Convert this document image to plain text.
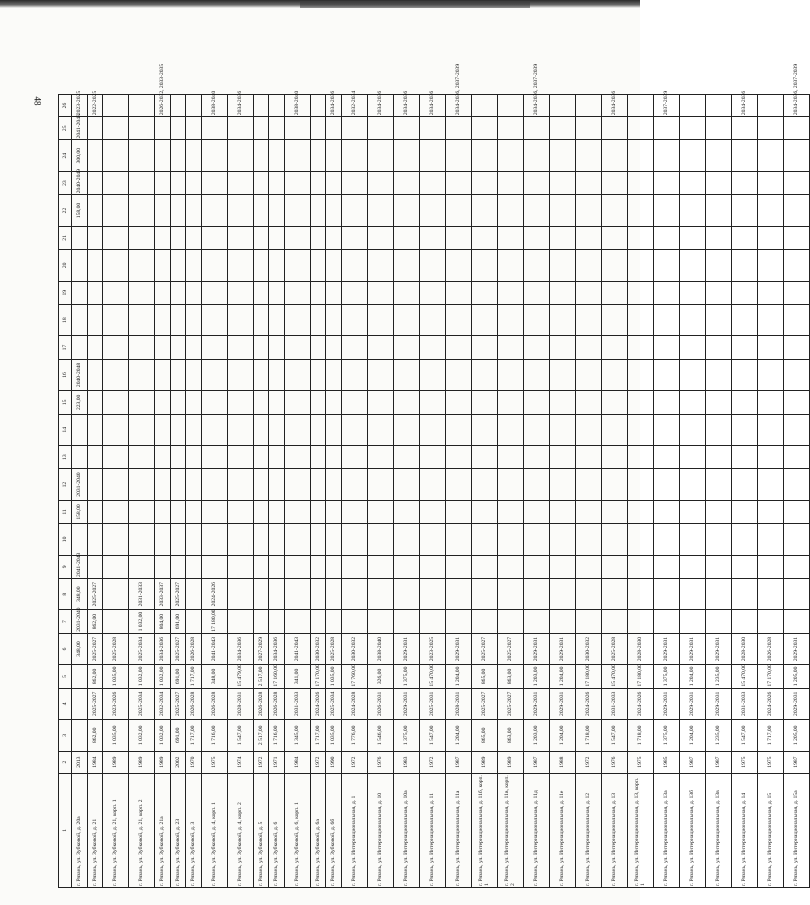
48
1	2	3	4	5	6	7	8	9	10	11	12	13	14	15	16	17	18	19	20	21	22	23	24	25	26
г. Рязань, ул. Зубковой, д. 20а	2013				348,00	2031-2040	348,00	2041-2043		158,00	2031-2040			223,00	2040-2048						158,00	2040-2049	300,00	2041-2043	2023-2025
г. Рязань, ул. Зубковой, д. 21	1984	862,00	2025-2027	862,00	2025-2027	862,00	2025-2027																		2022-2025
г. Рязань, ул. Зубковой, д. 21, корп. 1	1989	1 035,00	2023-2026	1 035,00	2025-2028																				
г. Рязань, ул. Зубковой, д. 21, корп. 2	1989	1 032,00	2025-2034	1 032,00	2025-2034	1 032,00	2031-2033																		
г. Рязань, ул. Зубковой, д. 21а	1989	1 032,00	2032-2034	1 032,00	2034-2036	804,00	2033-2037																		2026-2032, 2033-2035
г. Рязань, ул. Зубковой, д. 23	2002	691,00	2025-2027	691,00	2025-2027	691,00	2025-2027																		
г. Рязань, ул. Зубковой, д. 3	1970	1 717,00	2026-2028	1 717,00	2026-2028																				
г. Рязань, ул. Зубковой, д. 4, корп. 1	1975	1 716,00	2026-2028	348,00	2041-2043	17 180,00	2024-2026																		2038-2040
г. Рязань, ул. Зубковой, д. 4, корп. 2	1974	1 547,00	2028-2031	15 479,00	2034-2036																				2034-2036
г. Рязань, ул. Зубковой, д. 5	1972	2 517,00	2026-2028	2 517,00	2027-2029																				
г. Рязань, ул. Зубковой, д. 6	1971	1 716,00	2026-2028	17 160,00	2034-2036																				
г. Рязань, ул. Зубковой, д. 6, корп. 1	1984	1 345,00	2031-2033	341,00	2041-2043																				2038-2040
г. Рязань, ул. Зубковой, д. 6а	1972	1 717,00	2024-2026	17 170,00	2030-2032																				
г. Рязань, ул. Зубковой, д. 6б	1990	1 035,00	2025-2034	1 035,00	2025-2028																				2034-2036
г. Рязань, ул. Интернациональная, д. 1	1972	1 776,00	2024-2028	17 760,00	2030-2032																				2032-2034
г. Рязань, ул. Интернациональная, д. 10	1976	1 546,00	2026-2031	326,00	2038-2040																				2034-2036
г. Рязань, ул. Интернациональная, д. 10а	1983	1 375,00	2029-2031	1 375,00	2029-2031																				2034-2036
г. Рязань, ул. Интернациональная, д. 11	1972	1 547,00	2025-2031	15 470,00	2023-2025																				2034-2036
г. Рязань, ул. Интернациональная, д. 11а	1987	1 204,00	2028-2031	1 204,00	2029-2031																				2034-2036, 2037-2039
г. Рязань, ул. Интернациональная, д. 11б, корп. 1	1989	865,00	2025-2027	865,00	2025-2027																				
г. Рязань, ул. Интернациональная, д. 11в, корп. 2	1989	863,00	2025-2027	863,00	2025-2027																				
г. Рязань, ул. Интернациональная, д. 11д	1987	1 203,00	2029-2031	1 203,00	2029-2031																				2034-2036, 2037-2039
г. Рязань, ул. Интернациональная, д. 11е	1988	1 204,00	2029-2031	1 204,00	2029-2031																				
г. Рязань, ул. Интернациональная, д. 12	1972	1 718,00	2024-2026	17 180,00	2030-2032																				
г. Рязань, ул. Интернациональная, д. 13	1976	1 547,00	2031-2033	15 470,00	2025-2028																				2034-2036
г. Рязань, ул. Интернациональная, д. 13, корп. 1	1975	1 718,00	2024-2026	17 180,00	2028-2030																				
г. Рязань, ул. Интернациональная, д. 13а	1985	1 375,00	2029-2031	1 375,00	2029-2031																				2037-2039
г. Рязань, ул. Интернациональная, д. 13б	1987	1 204,00	2029-2031	1 204,00	2029-2031																				
г. Рязань, ул. Интернациональная, д. 13в	1987	1 235,00	2029-2031	1 235,00	2029-2031																				
г. Рязань, ул. Интернациональная, д. 14	1975	1 547,00	2031-2033	15 470,00	2028-2030																				2034-2036
г. Рязань, ул. Интернациональная, д. 15	1975	1 717,00	2024-2026	17 170,00	2026-2028																				
г. Рязань, ул. Интернациональная, д. 15а	1987	1 205,00	2029-2031	1 205,00	2029-2031																				2034-2036, 2037-2039
